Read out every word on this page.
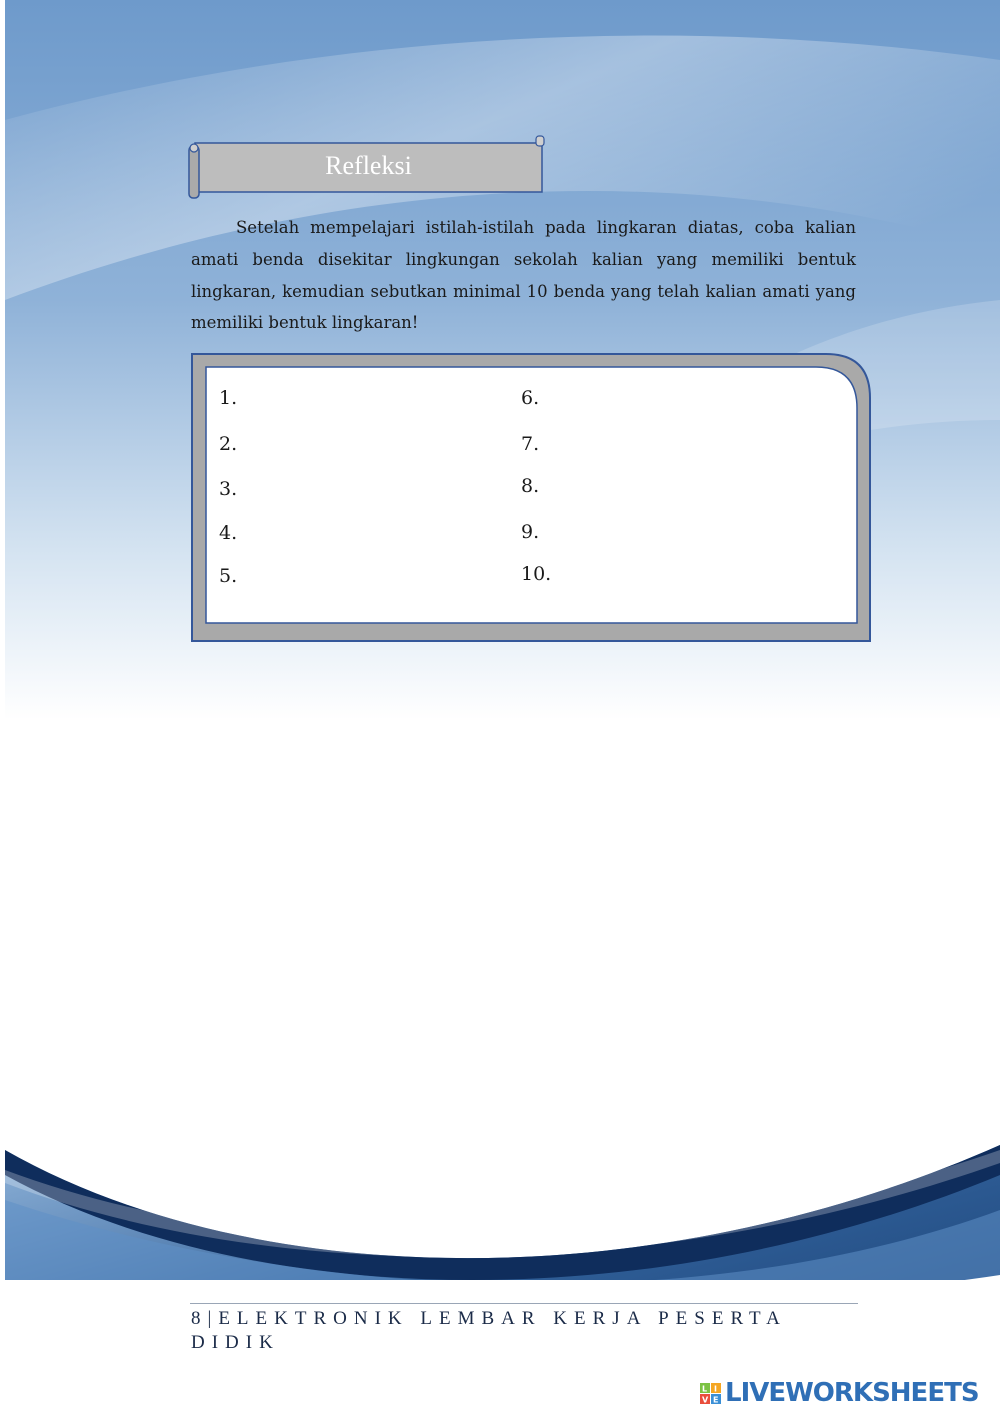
Refleksi

Setelah mempelajari istilah-istilah pada lingkaran diatas, coba kalian amati benda disekitar lingkungan sekolah kalian yang memiliki bentuk lingkaran, kemudian sebutkan minimal 10 benda yang telah kalian amati yang memiliki bentuk lingkaran!

1.
2.
3.
4.
5.
6.
7.
8.
9.
10.
8|ELEKTRONIK LEMBAR KERJA PESERTA DIDIK
L I
V E LIVEWORKSHEETS
